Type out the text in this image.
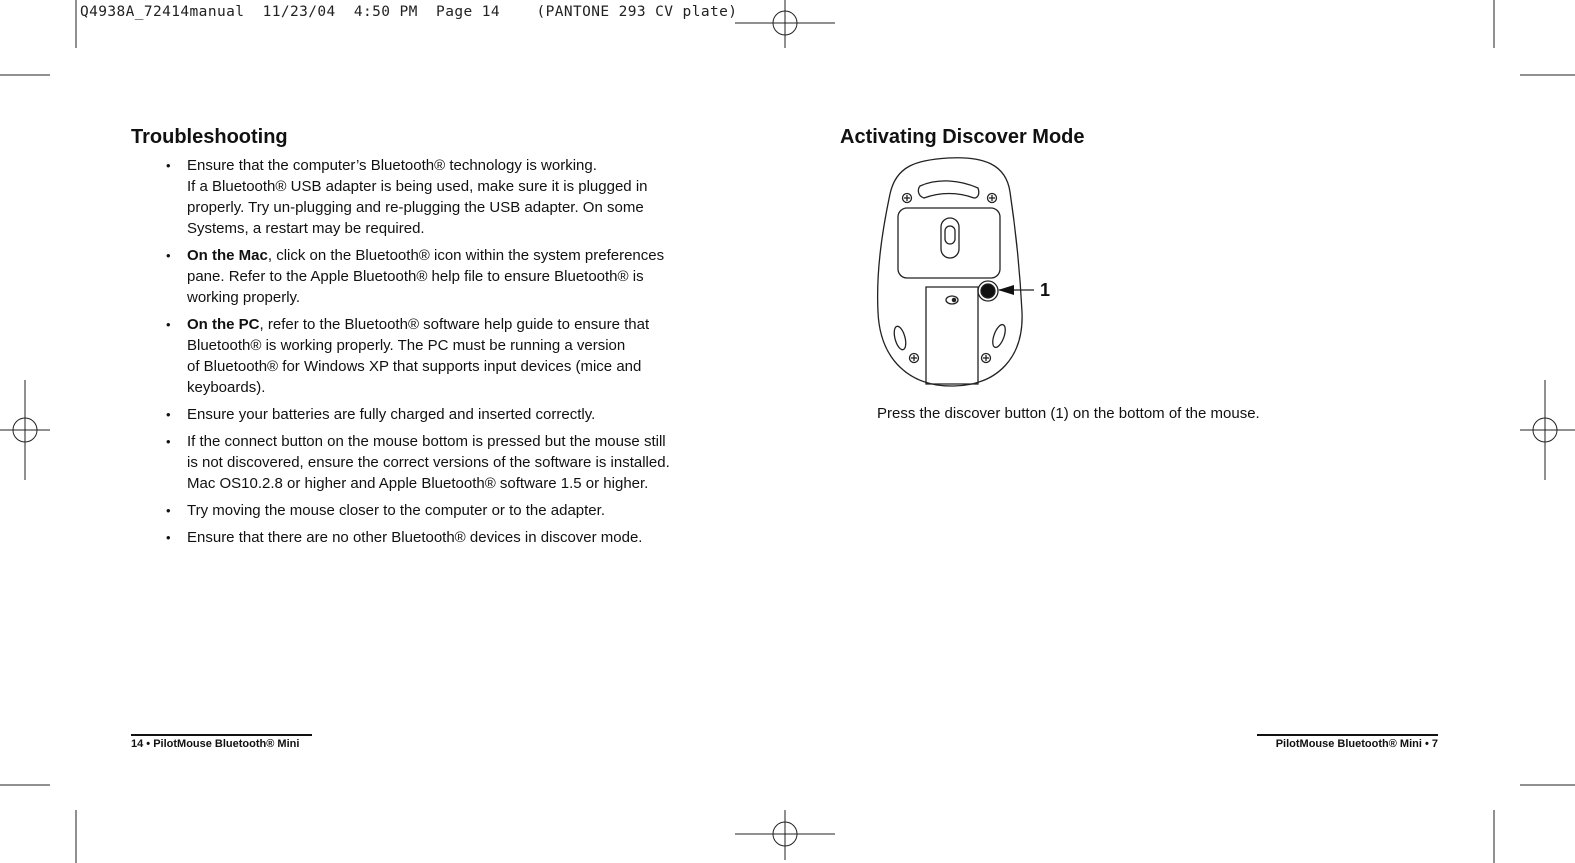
Q4938A_72414manual  11/23/04  4:50 PM  Page 14    (PANTONE 293 CV plate)
Troubleshooting
• Ensure that the computer’s Bluetooth® technology is working.
If a Bluetooth® USB adapter is being used, make sure it is plugged in
properly. Try un-plugging and re-plugging the USB adapter. On some
Systems, a restart may be required.
• On the Mac, click on the Bluetooth® icon within the system preferences
pane. Refer to the Apple Bluetooth® help file to ensure Bluetooth® is
working properly.
• On the PC, refer to the Bluetooth® software help guide to ensure that
Bluetooth® is working properly. The PC must be running a version
of Bluetooth® for Windows XP that supports input devices (mice and
keyboards).
• Ensure your batteries are fully charged and inserted correctly.
• If the connect button on the mouse bottom is pressed but the mouse still
is not discovered, ensure the correct versions of the software is installed.
Mac OS10.2.8 or higher and Apple Bluetooth® software 1.5 or higher.
• Try moving the mouse closer to the computer or to the adapter.
• Ensure that there are no other Bluetooth® devices in discover mode.
Activating Discover Mode
1
Press the discover button (1) on the bottom of the mouse.
14 • PilotMouse Bluetooth® Mini	PilotMouse Bluetooth® Mini • 7
